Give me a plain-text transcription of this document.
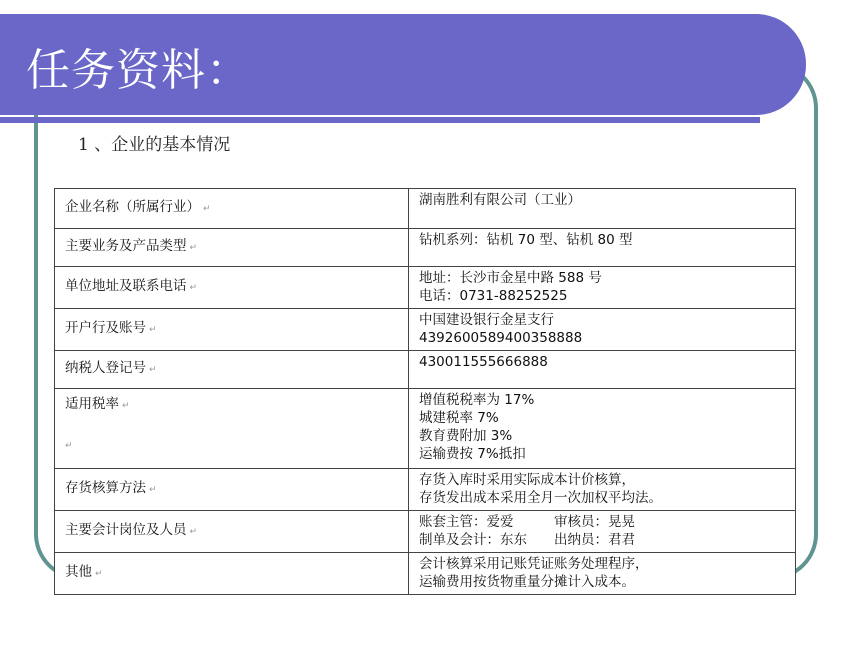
任务资料：
1 、企业的基本情况
企业名称（所属行业） ↵	湖南胜利有限公司（工业）

主要业务及产品类型 ↵	钻机系列：钻机 70 型、钻机 80 型

单位地址及联系电话 ↵	地址：长沙市金星中路 588 号
电话：0731-88252525

开户行及账号 ↵	中国建设银行金星支行
4392600589400358888

纳税人登记号 ↵	430011555666888

适用税率 ↵
↵	增值税税率为 17%
城建税率 7%
教育费附加 3%
运输费按 7%抵扣

存货核算方法 ↵	存货入库时采用实际成本计价核算，
存货发出成本采用全月一次加权平均法。

主要会计岗位及人员 ↵	账套主管：爱爱　　　审核员：晃晃
制单及会计：东东　　出纳员：君君

其他 ↵	会计核算采用记账凭证账务处理程序，
运输费用按货物重量分摊计入成本。
